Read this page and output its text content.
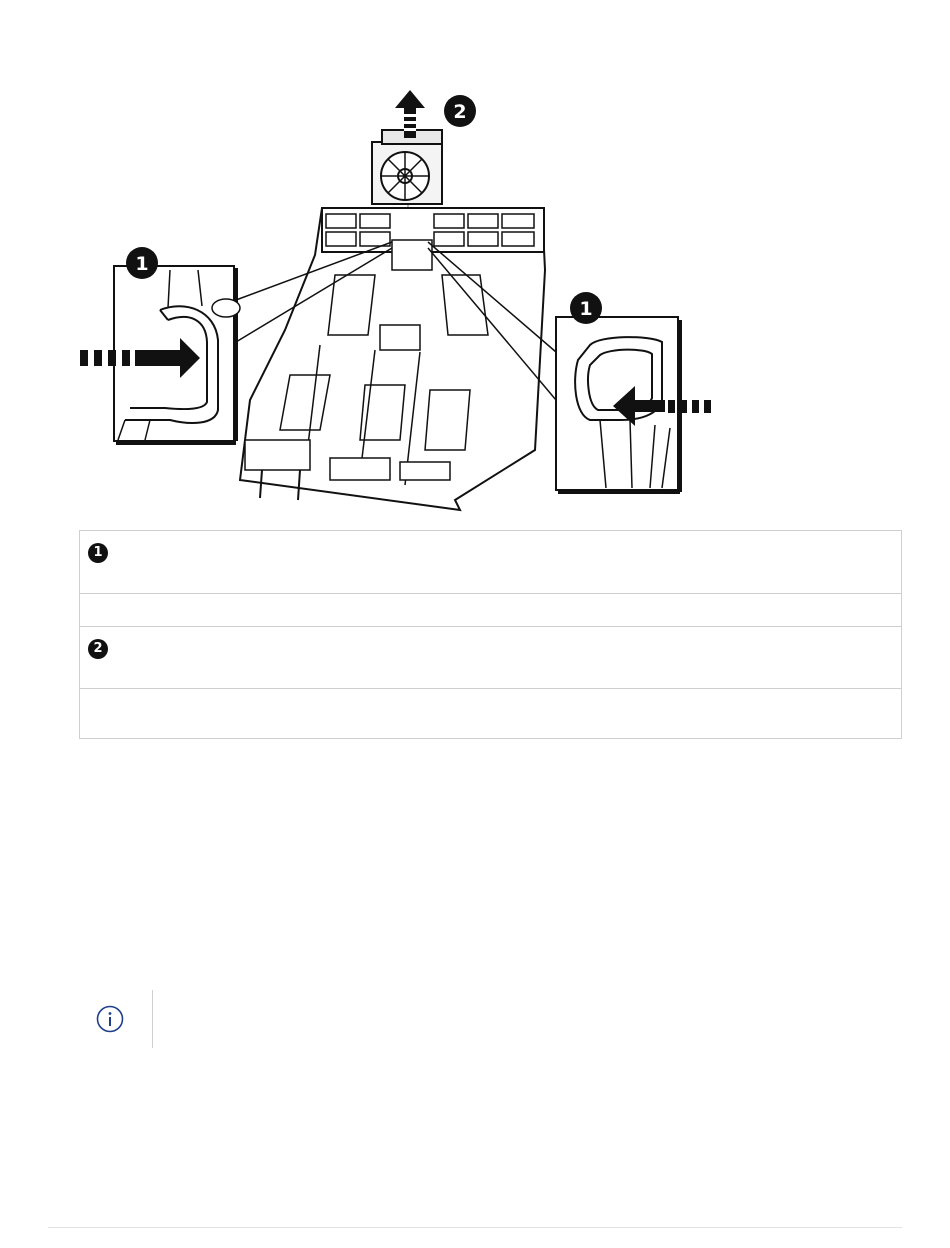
2
1
1
1

2
